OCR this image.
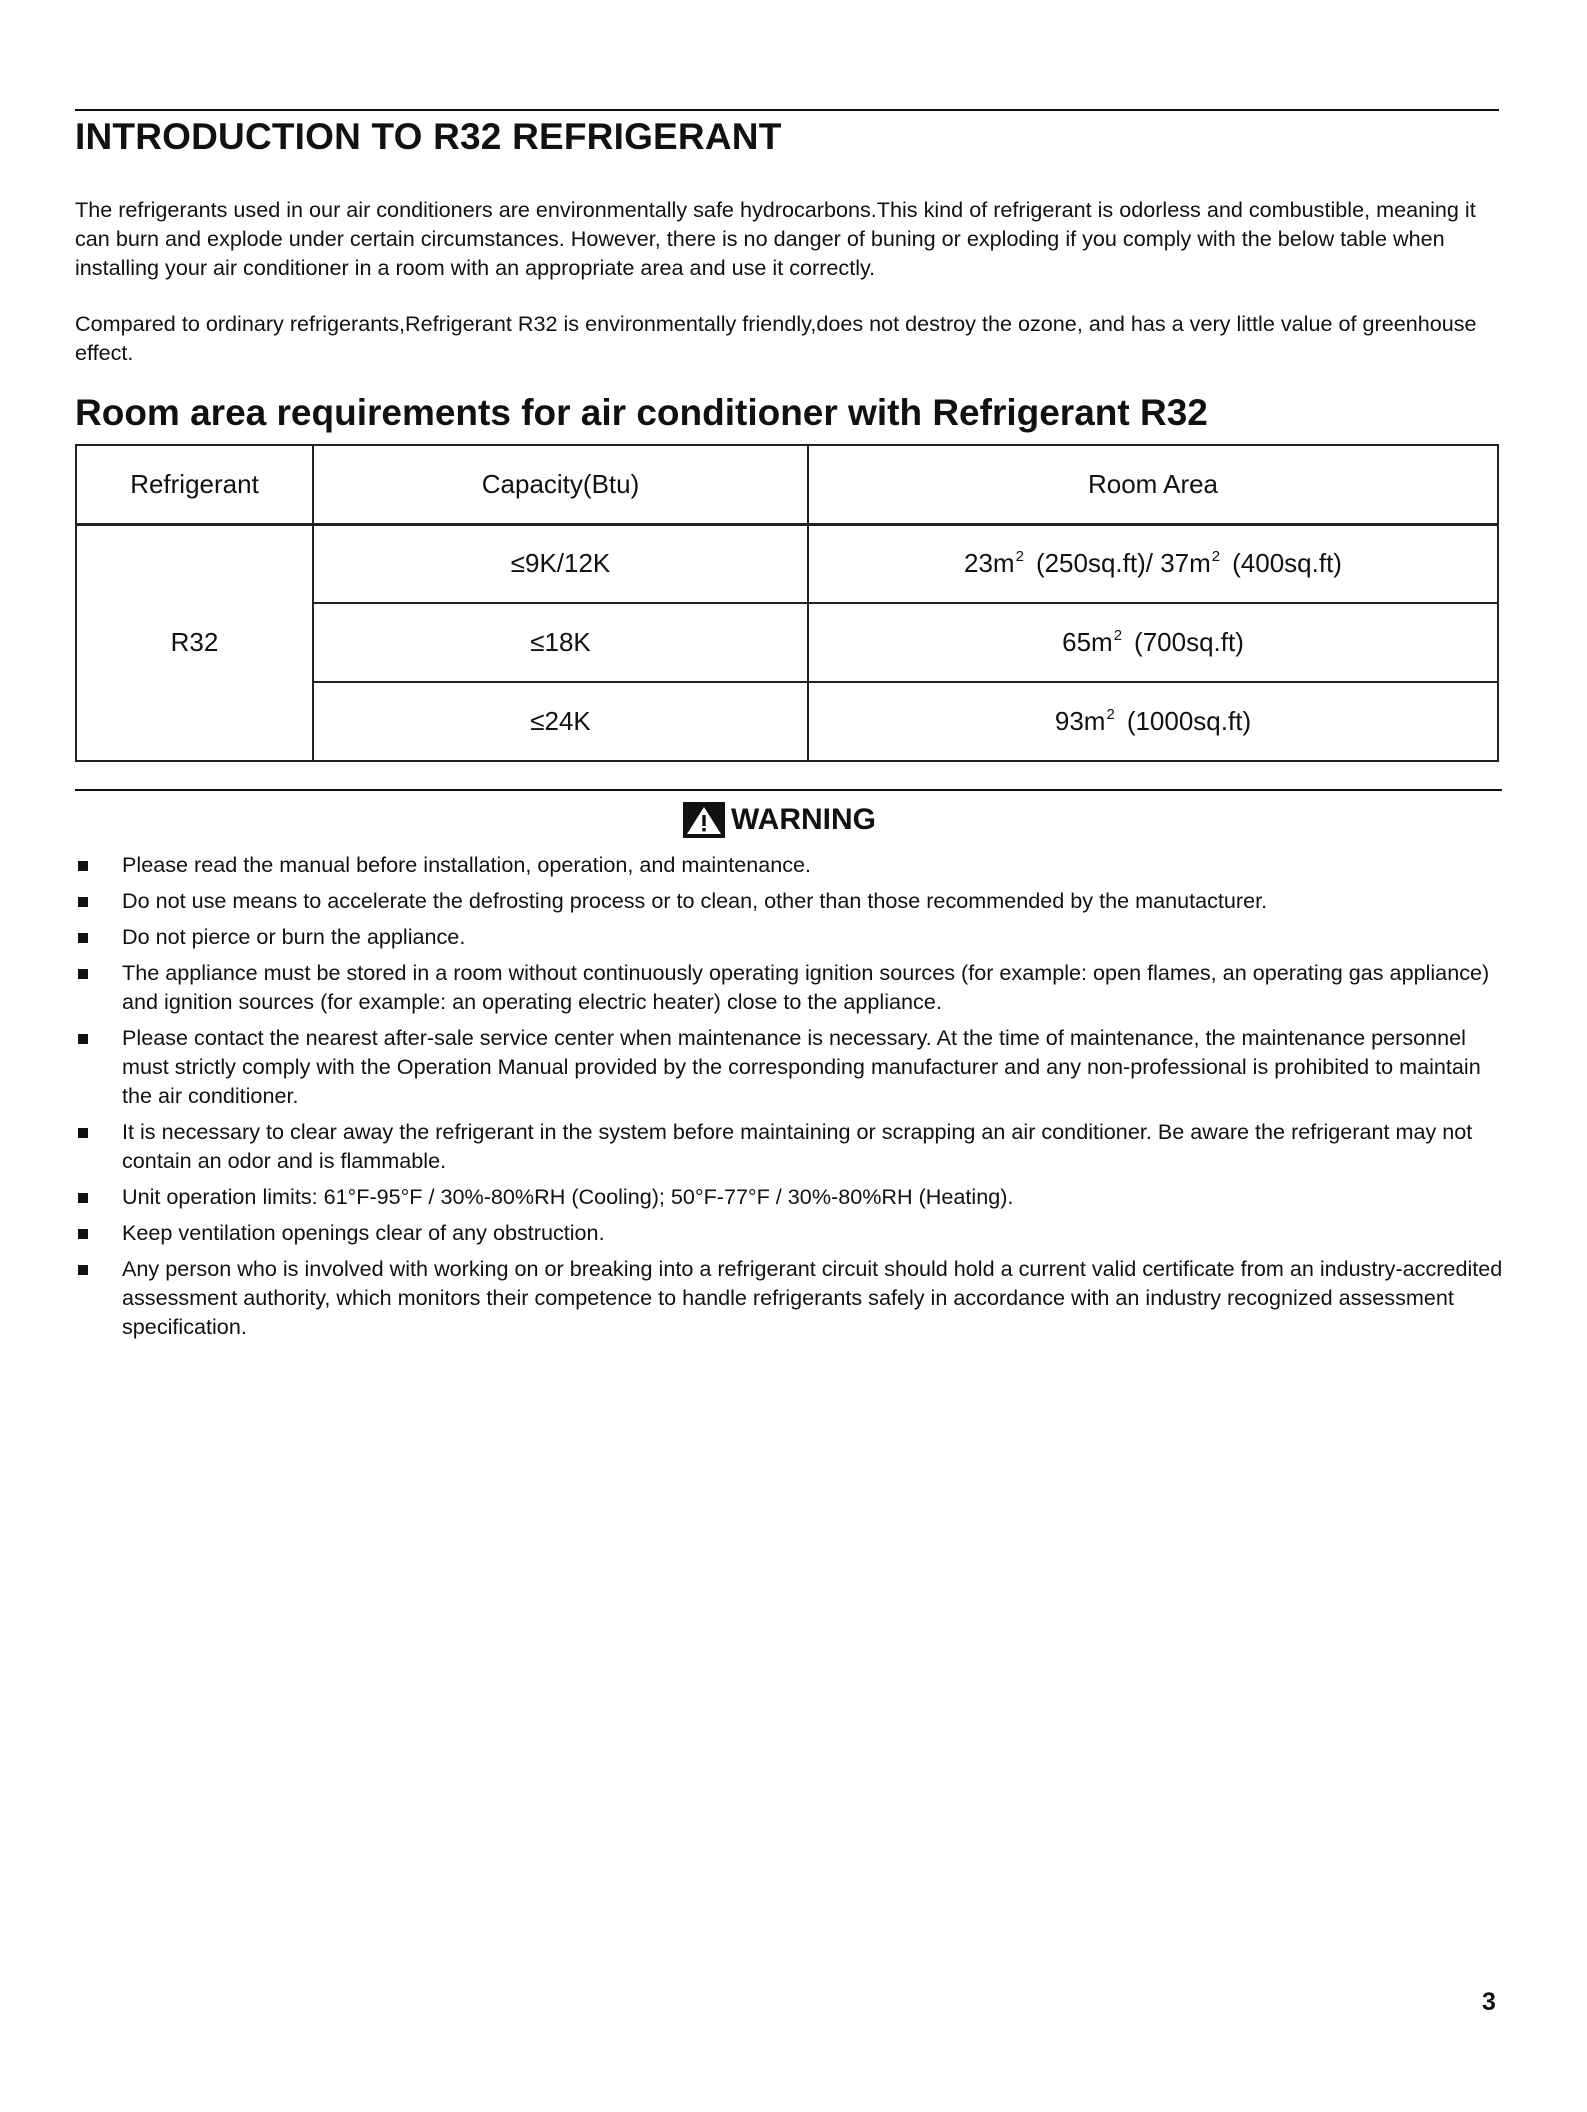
INTRODUCTION TO R32 REFRIGERANT

The refrigerants used in our air conditioners are environmentally safe hydrocarbons.This kind of refrigerant is odorless and combustible, meaning it can burn and explode under certain circumstances. However, there is no danger of buning or exploding if you comply with the below table when installing your air conditioner in a room with an appropriate area and use it correctly.

Compared to ordinary refrigerants,Refrigerant R32 is environmentally friendly,does not destroy the ozone, and has a very little value of greenhouse effect.

Room area requirements for air conditioner with Refrigerant R32
Refrigerant	Capacity(Btu)	Room Area
R32	≤9K/12K	$23m^2$ (250sq.ft)/ $37m^2$ (400sq.ft)
	≤18K	$65m^2$ (700sq.ft)
	≤24K	$93m^2$ (1000sq.ft)
WARNING
Please read the manual before installation, operation, and maintenance.
Do not use means to accelerate the defrosting process or to clean, other than those recommended by the manutacturer.
Do not pierce or burn the appliance.
The appliance must be stored in a room without continuously operating ignition sources (for example: open flames, an operating gas appliance) and ignition sources (for example: an operating electric heater) close to the appliance.
Please contact the nearest after-sale service center when maintenance is necessary. At the time of maintenance, the maintenance personnel must strictly comply with the Operation Manual provided by the corresponding manufacturer and any non-professional is prohibited to maintain the air conditioner.
It is necessary to clear away the refrigerant in the system before maintaining or scrapping an air conditioner. Be aware the refrigerant may not contain an odor and is flammable.
Unit operation limits: 61°F-95°F / 30%-80%RH (Cooling); 50°F-77°F / 30%-80%RH (Heating).
Keep ventilation openings clear of any obstruction.
Any person who is involved with working on or breaking into a refrigerant circuit should hold a current valid certificate from an industry-accredited assessment authority, which monitors their competence to handle refrigerants safely in accordance with an industry recognized assessment specification.
3
